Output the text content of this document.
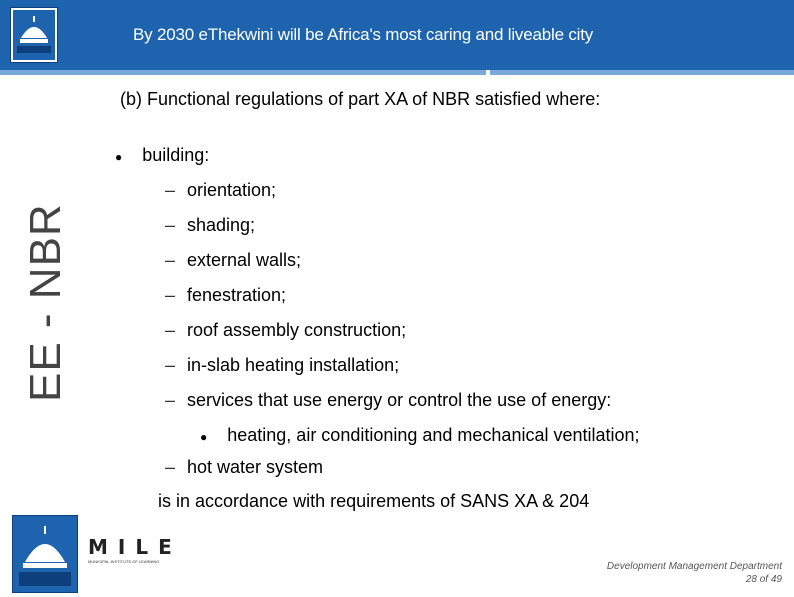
By 2030 eThekwini will be Africa's most caring and liveable city
EE - NBR
(b) Functional regulations of part XA of NBR satisfied where:
● building:
– orientation;
– shading;
– external walls;
– fenestration;
– roof assembly construction;
– in-slab heating installation;
– services that use energy or control the use of energy:
● heating, air conditioning and mechanical ventilation;
– hot water system
is in accordance with requirements of SANS XA & 204
MILE
MUNICIPAL INSTITUTE OF LEARNING	Development Management Department
28 of 49
